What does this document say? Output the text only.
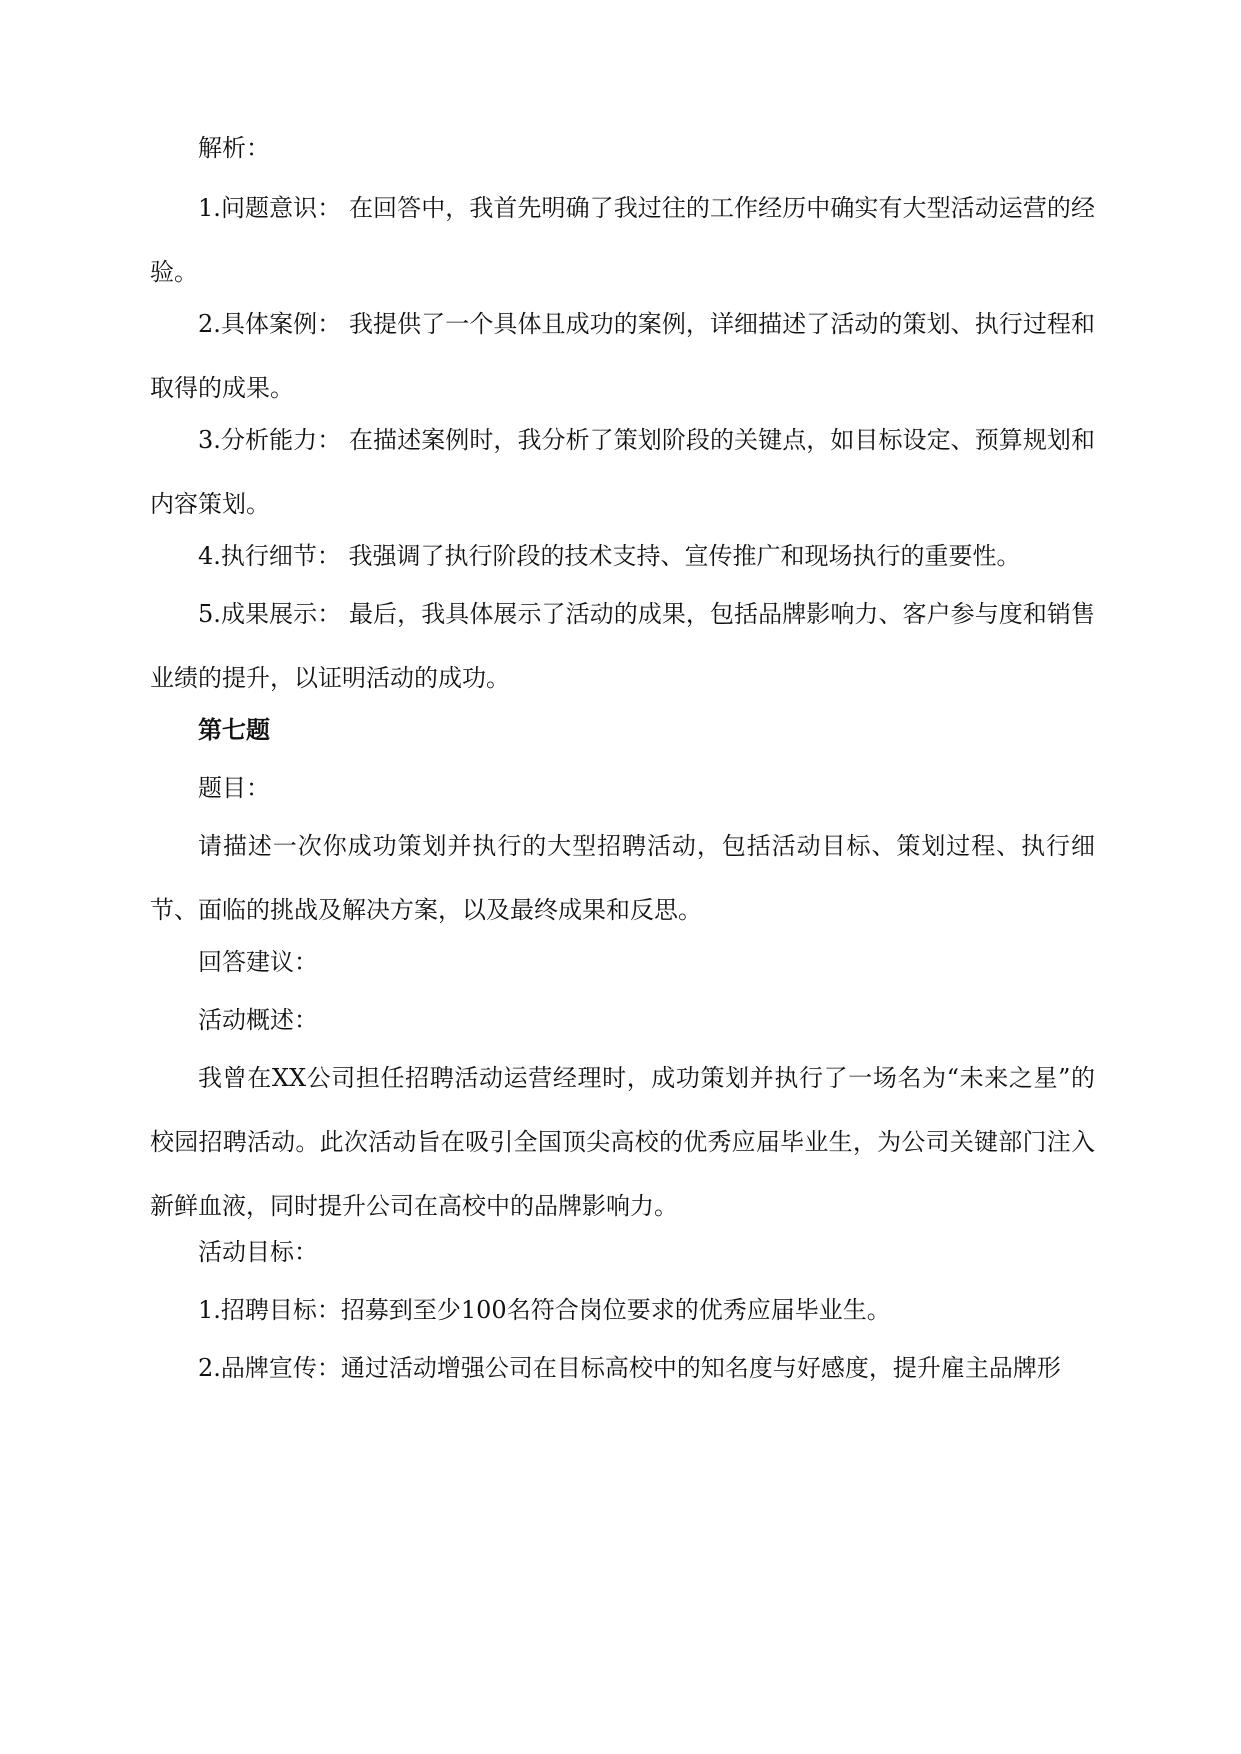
解析：

1.问题意识： 在回答中，我首先明确了我过往的工作经历中确实有大型活动运营的经验。

2.具体案例： 我提供了一个具体且成功的案例，详细描述了活动的策划、执行过程和取得的成果。

3.分析能力： 在描述案例时，我分析了策划阶段的关键点，如目标设定、预算规划和内容策划。

4.执行细节： 我强调了执行阶段的技术支持、宣传推广和现场执行的重要性。

5.成果展示： 最后，我具体展示了活动的成果，包括品牌影响力、客户参与度和销售业绩的提升，以证明活动的成功。

第七题

题目：

请描述一次你成功策划并执行的大型招聘活动，包括活动目标、策划过程、执行细节、面临的挑战及解决方案，以及最终成果和反思。

回答建议：

活动概述：

我曾在XX公司担任招聘活动运营经理时，成功策划并执行了一场名为“未来之星”的校园招聘活动。此次活动旨在吸引全国顶尖高校的优秀应届毕业生，为公司关键部门注入新鲜血液，同时提升公司在高校中的品牌影响力。

活动目标：

1.招聘目标：招募到至少100名符合岗位要求的优秀应届毕业生。

2.品牌宣传：通过活动增强公司在目标高校中的知名度与好感度，提升雇主品牌形
